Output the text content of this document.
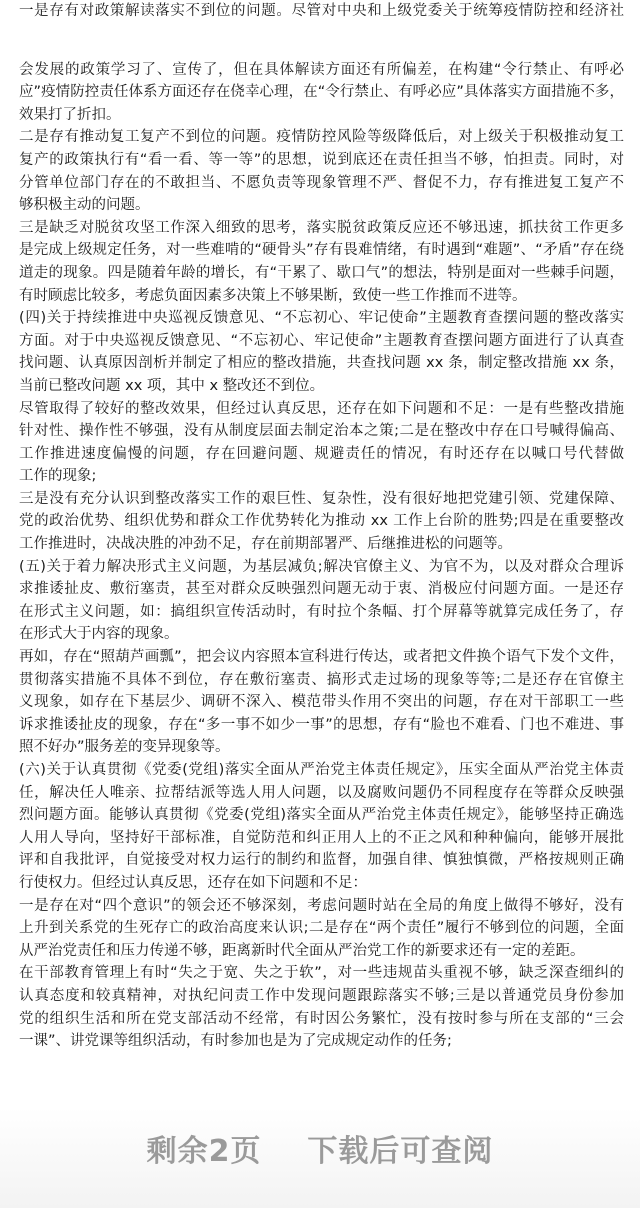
一是存有对政策解读落实不到位的问题。尽管对中央和上级党委关于统筹疫情防控和经济社
会发展的政策学习了、宣传了，但在具体解读方面还有所偏差，在构建“令行禁止、有呼必
应”疫情防控责任体系方面还存在侥幸心理，在“令行禁止、有呼必应”具体落实方面措施不多，
效果打了折扣。
二是存有推动复工复产不到位的问题。疫情防控风险等级降低后，对上级关于积极推动复工
复产的政策执行有“看一看、等一等”的思想，说到底还在责任担当不够，怕担责。同时，对
分管单位部门存在的不敢担当、不愿负责等现象管理不严、督促不力，存有推进复工复产不
够积极主动的问题。
三是缺乏对脱贫攻坚工作深入细致的思考，落实脱贫政策反应还不够迅速，抓扶贫工作更多
是完成上级规定任务，对一些难啃的“硬骨头”存有畏难情绪，有时遇到“难题”、“矛盾”存在绕
道走的现象。四是随着年龄的增长，有“干累了、歇口气”的想法，特别是面对一些棘手问题，
有时顾虑比较多，考虑负面因素多决策上不够果断，致使一些工作推而不进等。
(四)关于持续推进中央巡视反馈意见、“不忘初心、牢记使命”主题教育查摆问题的整改落实
方面。对于中央巡视反馈意见、“不忘初心、牢记使命”主题教育查摆问题方面进行了认真查
找问题、认真原因剖析并制定了相应的整改措施，共查找问题 xx 条，制定整改措施 xx 条，
当前已整改问题 xx 项，其中 x 整改还不到位。
尽管取得了较好的整改效果，但经过认真反思，还存在如下问题和不足：一是有些整改措施
针对性、操作性不够强，没有从制度层面去制定治本之策;二是在整改中存在口号喊得偏高、
工作推进速度偏慢的问题，存在回避问题、规避责任的情况，有时还存在以喊口号代替做
工作的现象;
三是没有充分认识到整改落实工作的艰巨性、复杂性，没有很好地把党建引领、党建保障、
党的政治优势、组织优势和群众工作优势转化为推动 xx 工作上台阶的胜势;四是在重要整改
工作推进时，决战决胜的冲劲不足，存在前期部署严、后继推进松的问题等。
(五)关于着力解决形式主义问题，为基层减负;解决官僚主义、为官不为，以及对群众合理诉
求推诿扯皮、敷衍塞责，甚至对群众反映强烈问题无动于衷、消极应付问题方面。一是还存
在形式主义问题，如：搞组织宣传活动时，有时拉个条幅、打个屏幕等就算完成任务了，存
在形式大于内容的现象。
再如，存在“照葫芦画瓢”，把会议内容照本宣科进行传达，或者把文件换个语气下发个文件，
贯彻落实措施不具体不到位，存在敷衍塞责、搞形式走过场的现象等等;二是还存在官僚主
义现象，如存在下基层少、调研不深入、模范带头作用不突出的问题，存在对干部职工一些
诉求推诿扯皮的现象，存在“多一事不如少一事”的思想，存有“脸也不难看、门也不难进、事
照不好办”服务差的变异现象等。
(六)关于认真贯彻《党委(党组)落实全面从严治党主体责任规定》，压实全面从严治党主体责
任，解决任人唯亲、拉帮结派等选人用人问题，以及腐败问题仍不同程度存在等群众反映强
烈问题方面。能够认真贯彻《党委(党组)落实全面从严治党主体责任规定》，能够坚持正确选
人用人导向，坚持好干部标准，自觉防范和纠正用人上的不正之风和种种偏向，能够开展批
评和自我批评，自觉接受对权力运行的制约和监督，加强自律、慎独慎微，严格按规则正确
行使权力。但经过认真反思，还存在如下问题和不足：
一是存在对“四个意识”的领会还不够深刻，考虑问题时站在全局的角度上做得不够好，没有
上升到关系党的生死存亡的政治高度来认识;二是存在“两个责任”履行不够到位的问题，全面
从严治党责任和压力传递不够，距离新时代全面从严治党工作的新要求还有一定的差距。
在干部教育管理上有时“失之于宽、失之于软”，对一些违规苗头重视不够，缺乏深查细纠的
认真态度和较真精神，对执纪问责工作中发现问题跟踪落实不够;三是以普通党员身份参加
党的组织生活和所在党支部活动不经常，有时因公务繁忙，没有按时参与所在支部的“三会
一课”、讲党课等组织活动，有时参加也是为了完成规定动作的任务;
剩余2页    下载后可查阅
